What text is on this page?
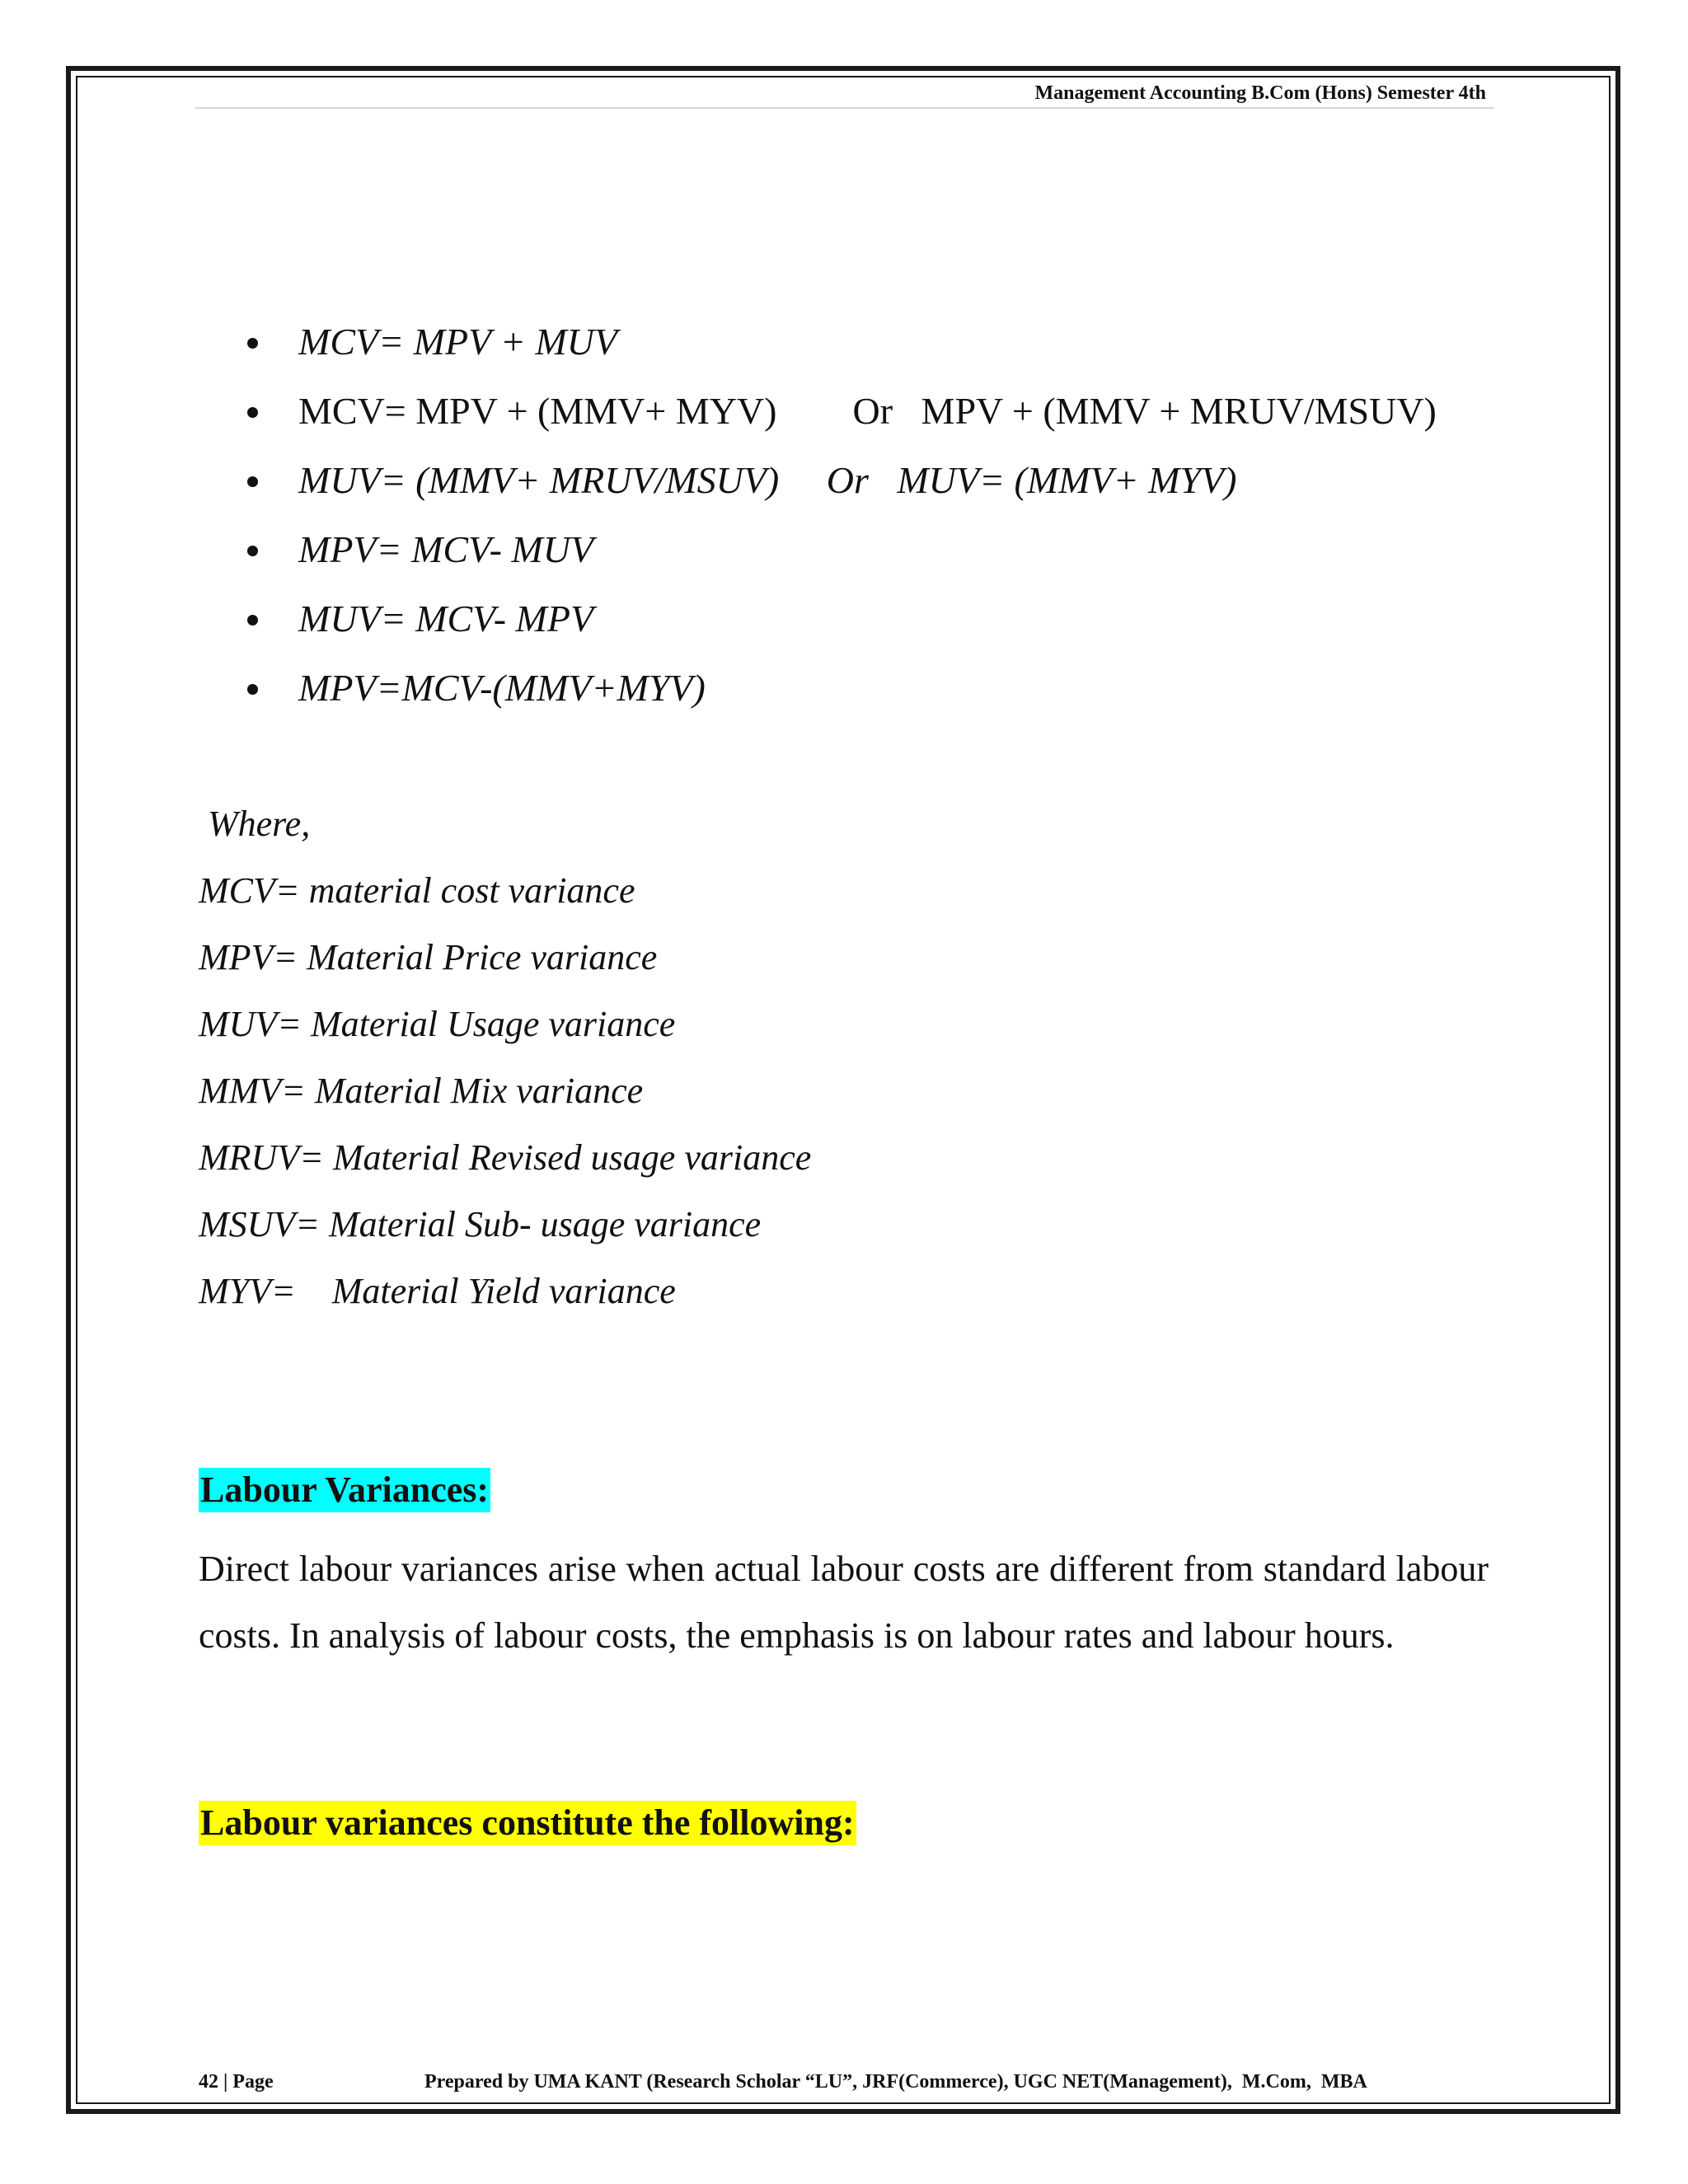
Management Accounting B.Com (Hons) Semester 4th

MCV= MPV + MUV

MCV= MPV + (MMV+ MYV)        Or   MPV + (MMV + MRUV/MSUV)

MUV= (MMV+ MRUV/MSUV)     Or   MUV= (MMV+ MYV)

MPV= MCV- MUV

MUV= MCV- MPV

MPV=MCV-(MMV+MYV)

Where,
MCV= material cost variance
MPV= Material Price variance
MUV= Material Usage variance
MMV= Material Mix variance
MRUV= Material Revised usage variance
MSUV= Material Sub- usage variance
MYV=    Material Yield variance
Labour Variances:

Direct labour variances arise when actual labour costs are different from standard labour costs. In analysis of labour costs, the emphasis is on labour rates and labour hours.

Labour variances constitute the following:
42 | Page	Prepared by UMA KANT (Research Scholar “LU”, JRF(Commerce), UGC NET(Management),  M.Com,  MBA
